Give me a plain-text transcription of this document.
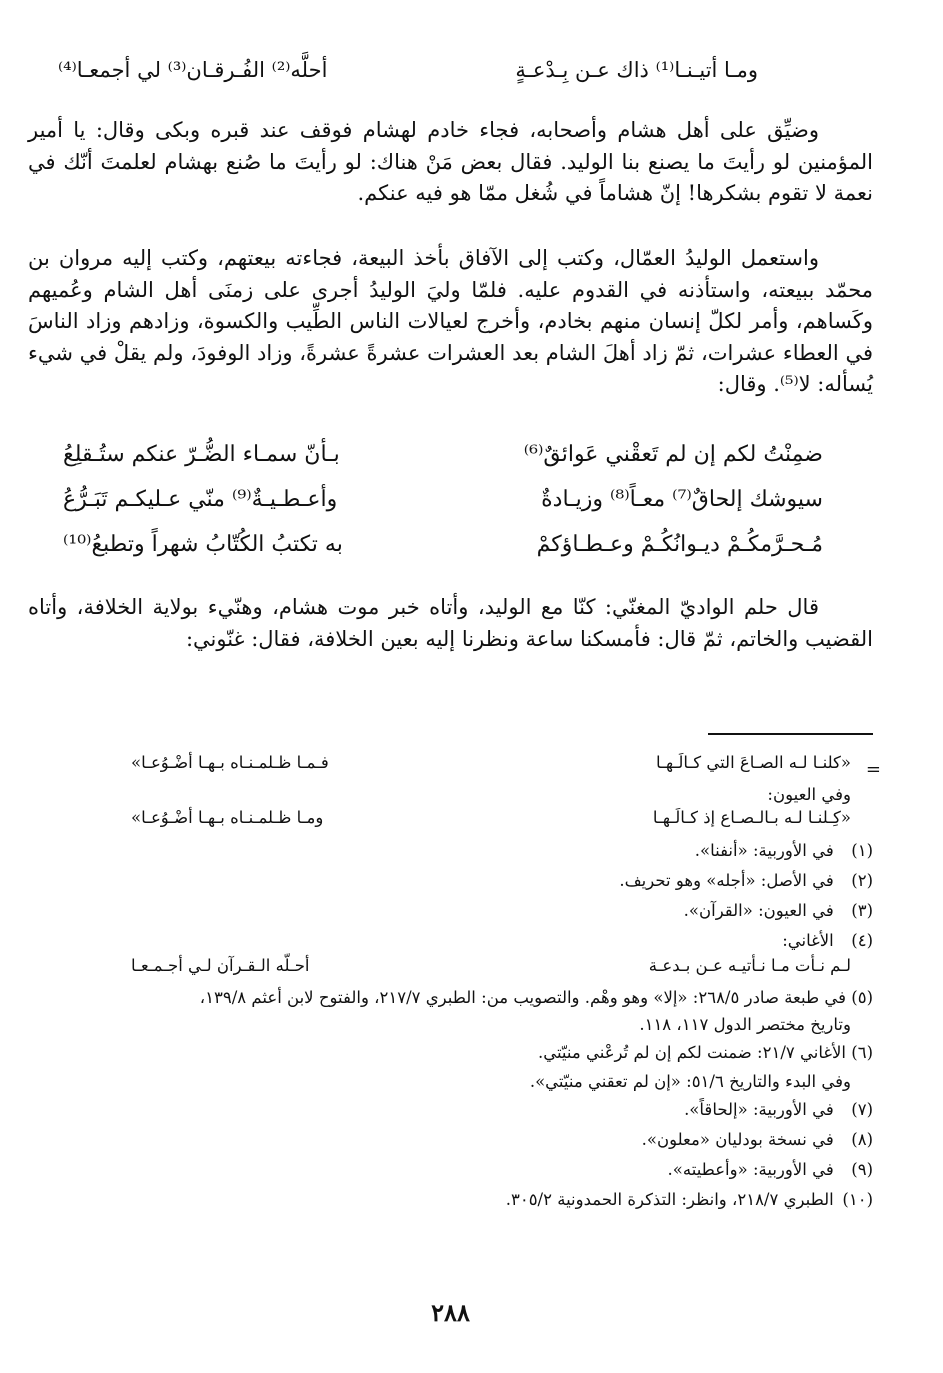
ومـا أتيـنـا⁽¹⁾ ذاك عـن بِـدْعـةٍ
أحلَّه⁽²⁾ الفُـرقـان⁽³⁾ لي أجمعـا⁽⁴⁾

وضيِّق على أهل هشام وأصحابه، فجاء خادم لهشام فوقف عند قبره وبكى وقال: يا أمير المؤمنين لو رأيتَ ما يصنع بنا الوليد. فقال بعض مَنْ هناك: لو رأيتَ ما صُنع بهشام لعلمتَ أنّك في نعمة لا تقوم بشكرها! إنّ هشاماً في شُغل ممّا هو فيه عنكم.

واستعمل الوليدُ العمّال، وكتب إلى الآفاق بأخذ البيعة، فجاءته بيعتهم، وكتب إليه مروان بن محمّد ببيعته، واستأذنه في القدوم عليه. فلمّا وليَ الوليدُ أجرى على زمنَى أهل الشام وعُميهم وكَساهم، وأمر لكلّ إنسان منهم بخادم، وأخرج لعيالات الناس الطِّيب والكسوة، وزادهم وزاد الناسَ في العطاء عشرات، ثمّ زاد أهلَ الشام بعد العشرات عشرةً عشرةً، وزاد الوفودَ، ولم يقلْ في شيء يُسأله: لا⁽⁵⁾. وقال:

ضمِنْتُ لكم إن لم تَعقْني عَوائقٌ⁽⁶⁾
بـأنّ سمـاء الضُّـرّ عنكم ستُـقلِعُ
سيوشك إلحاقٌ⁽⁷⁾ معـاً⁽⁸⁾ وزيـادةٌ
وأعـطـيـةٌ⁽⁹⁾ منّي عـليكـم تَبَـرُّعُ
مُـحـرَّمكُـمْ ديـوانُكُـمْ وعـطـاؤكمْ
به تكتبُ الكُتّابُ شهراً وتطبعُ⁽¹⁰⁾

قال حلم الواديّ المغنّي: كنّا مع الوليد، وأتاه خبر موت هشام، وهنّيء بولاية الخلافة، وأتاه القضيب والخاتم، ثمّ قال: فأمسكنا ساعة ونظرنا إليه بعين الخلافة، فقال: غنّوني:

=
«كلنـا لـه الصـاعَ التي كـالَـهـا
فـمـا ظـلمـنـاه بـهـا أضْـوُعـا»
وفي العيون:
«كِـلنـا لـه بـالـصـاع إذ كـالَـهـا
ومـا ظـلمـنـاه بـهـا أضْـوُعـا»
(١) في الأوربية: «أنفنا».
(٢) في الأصل: «أجله» وهو تحريف.
(٣) في العيون: «القرآن».
(٤) الأغاني:
لـم نـأت مـا نـأتيـه عـن بـدعـة
أحـلّه الـقـرآن لـي أجـمـعـا
(٥) في طبعة صادر ٢٦٨/٥: «إلا» وهو وهْم. والتصويب من: الطبري ٢١٧/٧، والفتوح لابن أعثم ١٣٩/٨،
وتاريخ مختصر الدول ١١٧، ١١٨.
(٦) الأغاني ٢١/٧: ضمنت لكم إن لم تُرعْني منيّتي.
وفي البدء والتاريخ ٥١/٦: «إن لم تعقني منيّتي».
(٧) في الأوربية: «إلحاقاً».
(٨) في نسخة بودليان «معلون».
(٩) في الأوربية: «وأعطيته».
(١٠) الطبري ٢١٨/٧، وانظر: التذكرة الحمدونية ٣٠٥/٢.
٢٨٨
